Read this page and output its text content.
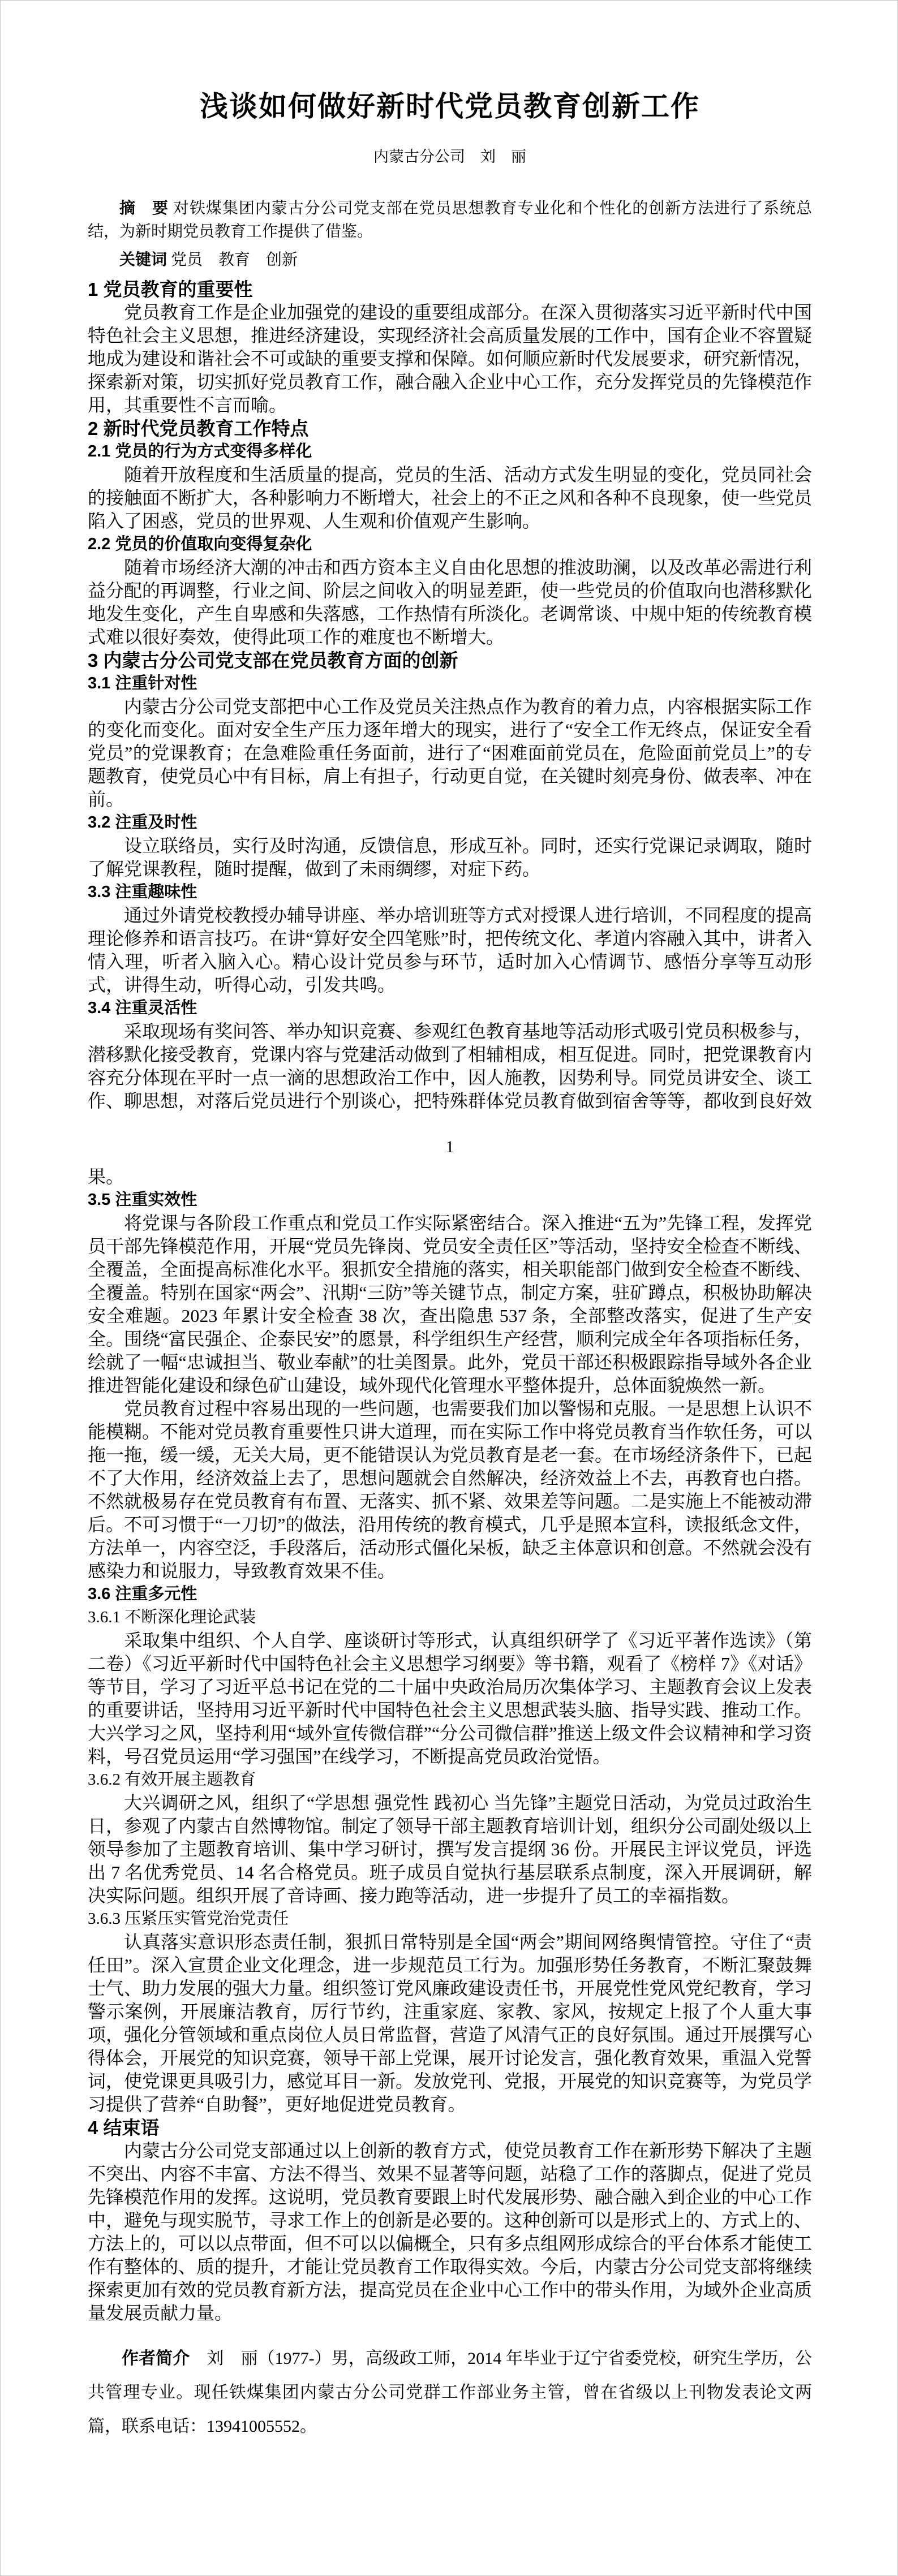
浅谈如何做好新时代党员教育创新工作
内蒙古分公司　刘　丽
摘　要 对铁煤集团内蒙古分公司党支部在党员思想教育专业化和个性化的创新方法进行了系统总结，为新时期党员教育工作提供了借鉴。
关键词 党员　教育　创新
1 党员教育的重要性
党员教育工作是企业加强党的建设的重要组成部分。在深入贯彻落实习近平新时代中国特色社会主义思想，推进经济建设，实现经济社会高质量发展的工作中，国有企业不容置疑地成为建设和谐社会不可或缺的重要支撑和保障。如何顺应新时代发展要求，研究新情况，探索新对策，切实抓好党员教育工作，融合融入企业中心工作，充分发挥党员的先锋模范作用，其重要性不言而喻。
2 新时代党员教育工作特点
2.1 党员的行为方式变得多样化
随着开放程度和生活质量的提高，党员的生活、活动方式发生明显的变化，党员同社会的接触面不断扩大，各种影响力不断增大，社会上的不正之风和各种不良现象，使一些党员陷入了困惑，党员的世界观、人生观和价值观产生影响。
2.2 党员的价值取向变得复杂化
随着市场经济大潮的冲击和西方资本主义自由化思想的推波助澜，以及改革必需进行利益分配的再调整，行业之间、阶层之间收入的明显差距，使一些党员的价值取向也潜移默化地发生变化，产生自卑感和失落感，工作热情有所淡化。老调常谈、中规中矩的传统教育模式难以很好奏效，使得此项工作的难度也不断增大。
3 内蒙古分公司党支部在党员教育方面的创新
3.1 注重针对性
内蒙古分公司党支部把中心工作及党员关注热点作为教育的着力点，内容根据实际工作的变化而变化。面对安全生产压力逐年增大的现实，进行了“安全工作无终点，保证安全看党员”的党课教育；在急难险重任务面前，进行了“困难面前党员在，危险面前党员上”的专题教育，使党员心中有目标，肩上有担子，行动更自觉，在关键时刻亮身份、做表率、冲在前。
3.2 注重及时性
设立联络员，实行及时沟通，反馈信息，形成互补。同时，还实行党课记录调取，随时了解党课教程，随时提醒，做到了未雨绸缪，对症下药。
3.3 注重趣味性
通过外请党校教授办辅导讲座、举办培训班等方式对授课人进行培训，不同程度的提高理论修养和语言技巧。在讲“算好安全四笔账”时，把传统文化、孝道内容融入其中，讲者入情入理，听者入脑入心。精心设计党员参与环节，适时加入心情调节、感悟分享等互动形式，讲得生动，听得心动，引发共鸣。
3.4 注重灵活性
采取现场有奖问答、举办知识竞赛、参观红色教育基地等活动形式吸引党员积极参与，潜移默化接受教育，党课内容与党建活动做到了相辅相成，相互促进。同时，把党课教育内容充分体现在平时一点一滴的思想政治工作中，因人施教，因势利导。同党员讲安全、谈工作、聊思想，对落后党员进行个别谈心，把特殊群体党员教育做到宿舍等等，都收到良好效
1
果。
3.5 注重实效性
将党课与各阶段工作重点和党员工作实际紧密结合。深入推进“五为”先锋工程，发挥党员干部先锋模范作用，开展“党员先锋岗、党员安全责任区”等活动，坚持安全检查不断线、全覆盖，全面提高标准化水平。狠抓安全措施的落实，相关职能部门做到安全检查不断线、全覆盖。特别在国家“两会”、汛期“三防”等关键节点，制定方案，驻矿蹲点，积极协助解决安全难题。2023 年累计安全检查 38 次，查出隐患 537 条，全部整改落实，促进了生产安全。围绕“富民强企、企泰民安”的愿景，科学组织生产经营，顺利完成全年各项指标任务，绘就了一幅“忠诚担当、敬业奉献”的壮美图景。此外，党员干部还积极跟踪指导域外各企业推进智能化建设和绿色矿山建设，域外现代化管理水平整体提升，总体面貌焕然一新。
党员教育过程中容易出现的一些问题，也需要我们加以警惕和克服。一是思想上认识不能模糊。不能对党员教育重要性只讲大道理，而在实际工作中将党员教育当作软任务，可以拖一拖，缓一缓，无关大局，更不能错误认为党员教育是老一套。在市场经济条件下，已起不了大作用，经济效益上去了，思想问题就会自然解决，经济效益上不去，再教育也白搭。不然就极易存在党员教育有布置、无落实、抓不紧、效果差等问题。二是实施上不能被动滞后。不可习惯于“一刀切”的做法，沿用传统的教育模式，几乎是照本宣科，读报纸念文件，方法单一，内容空泛，手段落后，活动形式僵化呆板，缺乏主体意识和创意。不然就会没有感染力和说服力，导致教育效果不佳。
3.6 注重多元性
3.6.1 不断深化理论武装
采取集中组织、个人自学、座谈研讨等形式，认真组织研学了《习近平著作选读》（第二卷）《习近平新时代中国特色社会主义思想学习纲要》等书籍，观看了《榜样 7》《对话》等节目，学习了习近平总书记在党的二十届中央政治局历次集体学习、主题教育会议上发表的重要讲话，坚持用习近平新时代中国特色社会主义思想武装头脑、指导实践、推动工作。大兴学习之风，坚持利用“域外宣传微信群”“分公司微信群”推送上级文件会议精神和学习资料，号召党员运用“学习强国”在线学习，不断提高党员政治觉悟。
3.6.2 有效开展主题教育
大兴调研之风，组织了“学思想 强党性 践初心 当先锋”主题党日活动，为党员过政治生日，参观了内蒙古自然博物馆。制定了领导干部主题教育培训计划，组织分公司副处级以上领导参加了主题教育培训、集中学习研讨，撰写发言提纲 36 份。开展民主评议党员，评选出 7 名优秀党员、14 名合格党员。班子成员自觉执行基层联系点制度，深入开展调研，解决实际问题。组织开展了音诗画、接力跑等活动，进一步提升了员工的幸福指数。
3.6.3 压紧压实管党治党责任
认真落实意识形态责任制，狠抓日常特别是全国“两会”期间网络舆情管控。守住了“责任田”。深入宣贯企业文化理念，进一步规范员工行为。加强形势任务教育，不断汇聚鼓舞士气、助力发展的强大力量。组织签订党风廉政建设责任书，开展党性党风党纪教育，学习警示案例，开展廉洁教育，厉行节约，注重家庭、家教、家风，按规定上报了个人重大事项，强化分管领域和重点岗位人员日常监督，营造了风清气正的良好氛围。通过开展撰写心得体会，开展党的知识竞赛，领导干部上党课，展开讨论发言，强化教育效果，重温入党誓词，使党课更具吸引力，感觉耳目一新。发放党刊、党报，开展党的知识竞赛等，为党员学习提供了营养“自助餐”，更好地促进党员教育。
4 结束语
内蒙古分公司党支部通过以上创新的教育方式，使党员教育工作在新形势下解决了主题不突出、内容不丰富、方法不得当、效果不显著等问题，站稳了工作的落脚点，促进了党员先锋模范作用的发挥。这说明，党员教育要跟上时代发展形势、融合融入到企业的中心工作中，避免与现实脱节，寻求工作上的创新是必要的。这种创新可以是形式上的、方式上的、方法上的，可以以点带面，但不可以以偏概全，只有多点组网形成综合的平台体系才能使工作有整体的、质的提升，才能让党员教育工作取得实效。今后，内蒙古分公司党支部将继续探索更加有效的党员教育新方法，提高党员在企业中心工作中的带头作用，为域外企业高质量发展贡献力量。
作者简介　 刘　丽（1977-）男，高级政工师，2014 年毕业于辽宁省委党校，研究生学历，公共管理专业。现任铁煤集团内蒙古分公司党群工作部业务主管，曾在省级以上刊物发表论文两篇，联系电话：13941005552。
